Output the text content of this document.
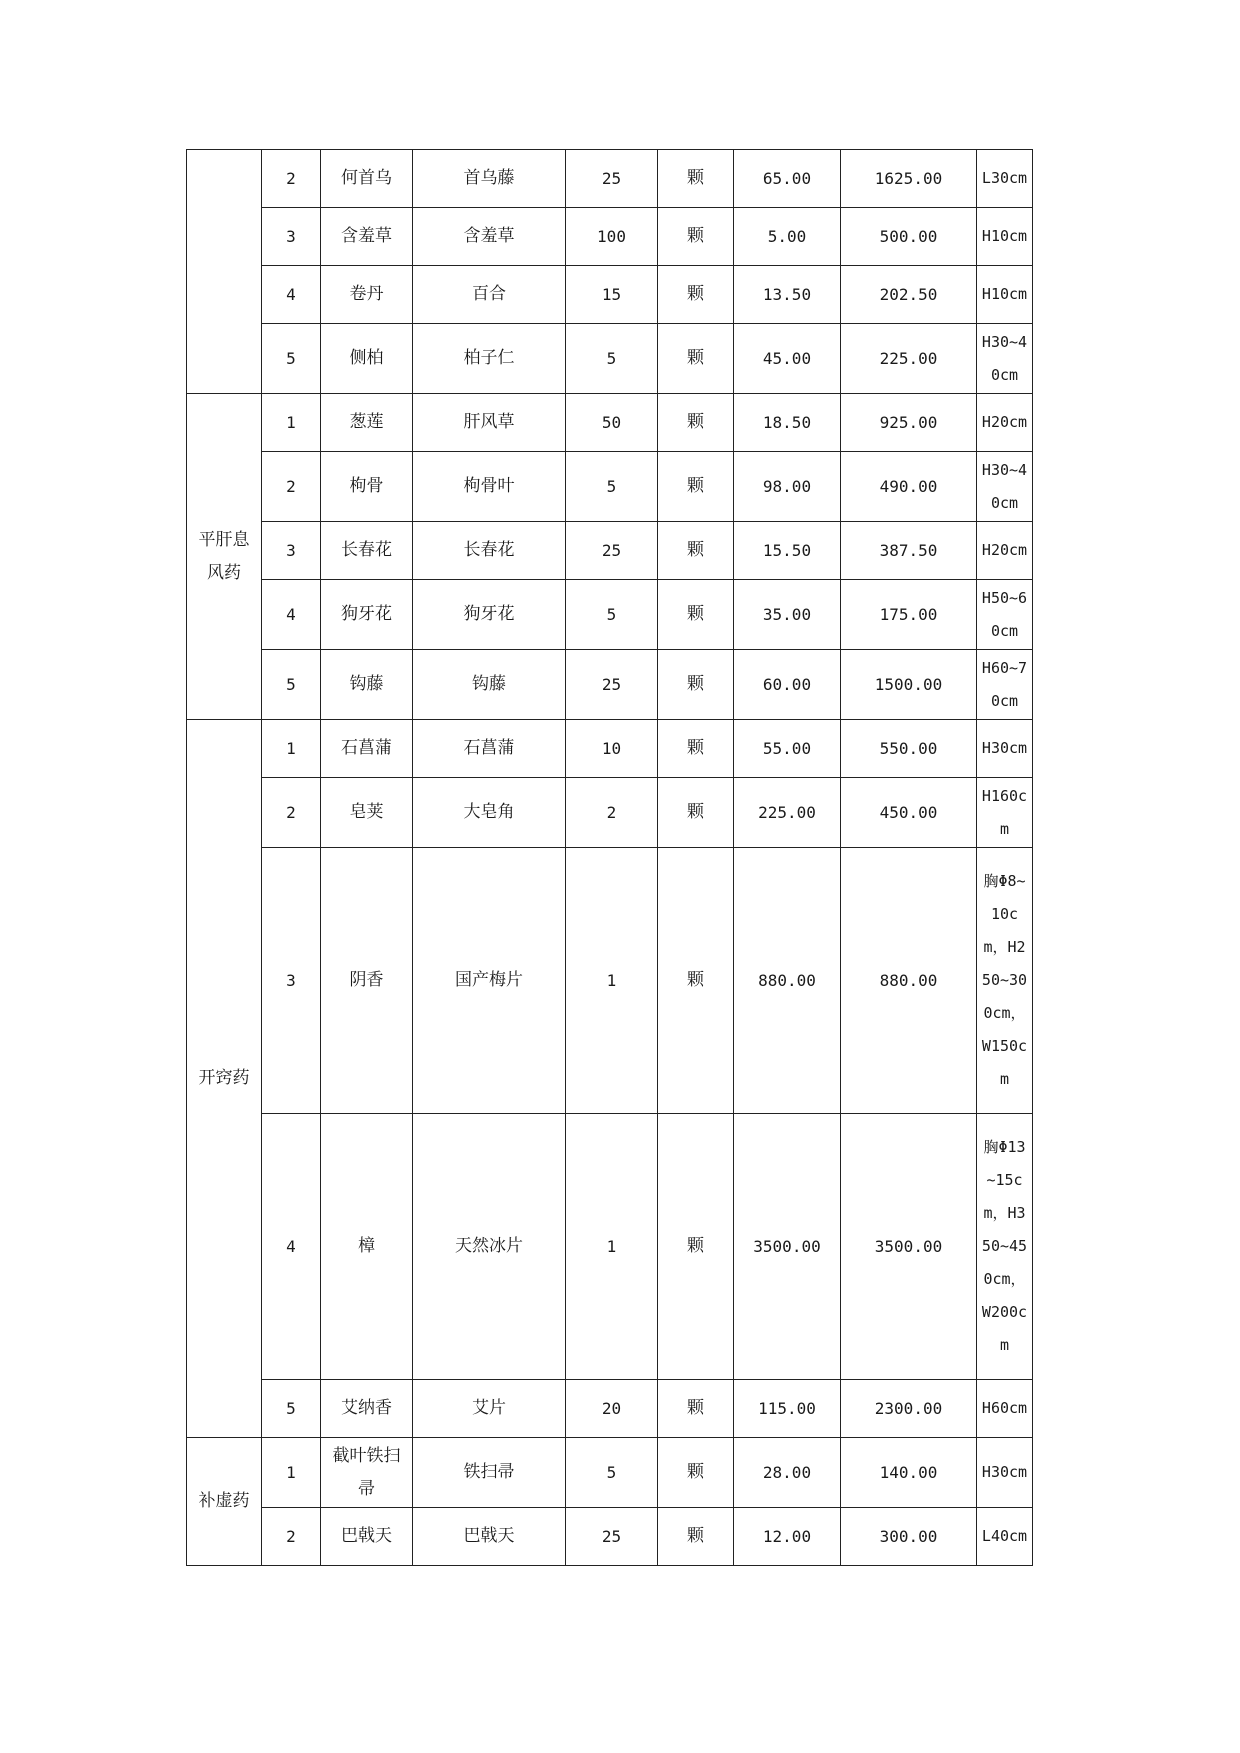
	2	何首乌	首乌藤	25	颗	65.00	1625.00	L30cm
	3	含羞草	含羞草	100	颗	5.00	500.00	H10cm
	4	卷丹	百合	15	颗	13.50	202.50	H10cm
	5	侧柏	柏子仁	5	颗	45.00	225.00	H30~40cm
平肝息风药	1	葱莲	肝风草	50	颗	18.50	925.00	H20cm
	2	枸骨	枸骨叶	5	颗	98.00	490.00	H30~40cm
	3	长春花	长春花	25	颗	15.50	387.50	H20cm
	4	狗牙花	狗牙花	5	颗	35.00	175.00	H50~60cm
	5	钩藤	钩藤	25	颗	60.00	1500.00	H60~70cm
开窍药	1	石菖蒲	石菖蒲	10	颗	55.00	550.00	H30cm
	2	皂荚	大皂角	2	颗	225.00	450.00	H160cm
	3	阴香	国产梅片	1	颗	880.00	880.00	胸Φ8~10cm，H250~300cm，W150cm
	4	樟	天然冰片	1	颗	3500.00	3500.00	胸Φ13~15cm，H350~450cm，W200cm
	5	艾纳香	艾片	20	颗	115.00	2300.00	H60cm
补虚药	1	截叶铁扫帚	铁扫帚	5	颗	28.00	140.00	H30cm
	2	巴戟天	巴戟天	25	颗	12.00	300.00	L40cm
